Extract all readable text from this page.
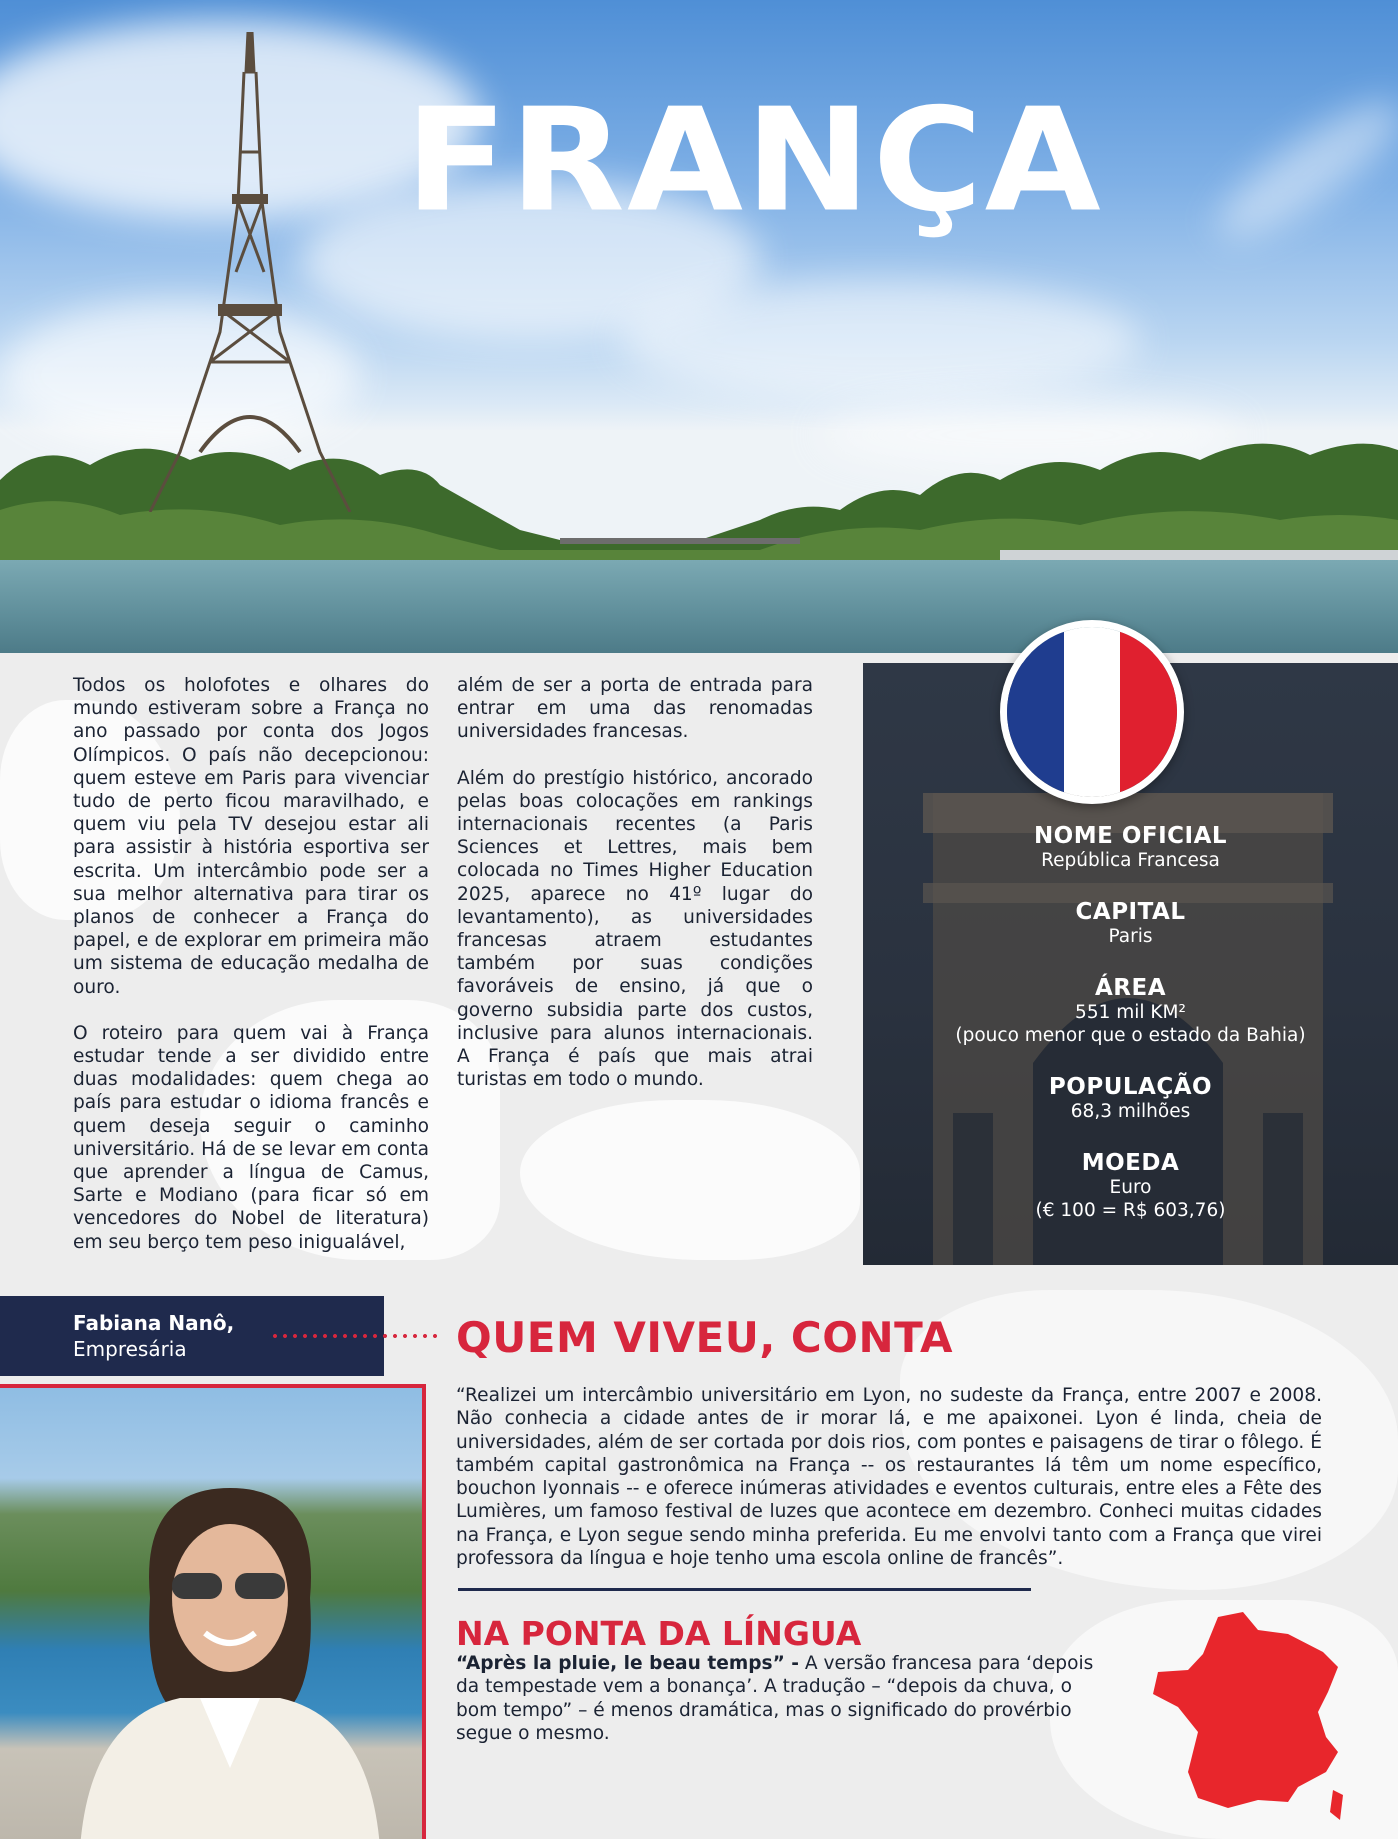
FRANÇA

Todos os holofotes e olhares do mundo estiveram sobre a França no ano passado por conta dos Jogos Olímpicos. O país não decepcionou: quem esteve em Paris para vivenciar tudo de perto ficou maravilhado, e quem viu pela TV desejou estar ali para assistir à história esportiva ser escrita. Um intercâmbio pode ser a sua melhor alternativa para tirar os planos de conhecer a França do papel, e de explorar em primeira mão um sistema de educação medalha de ouro.

O roteiro para quem vai à França estudar tende a ser dividido entre duas modalidades: quem chega ao país para estudar o idioma francês e quem deseja seguir o caminho universitário. Há de se levar em conta que aprender a língua de Camus, Sarte e Modiano (para ficar só em vencedores do Nobel de literatura) em seu berço tem peso inigualável,

além de ser a porta de entrada para entrar em uma das renomadas universidades francesas.

Além do prestígio histórico, ancorado pelas boas colocações em rankings internacionais recentes (a Paris Sciences et Lettres, mais bem colocada no Times Higher Education 2025, aparece no 41º lugar do levantamento), as universidades francesas atraem estudantes também por suas condições favoráveis de ensino, já que o governo subsidia parte dos custos, inclusive para alunos internacionais. A França é país que mais atrai turistas em todo o mundo.

NOME OFICIAL
República Francesa
CAPITAL
Paris
ÁREA
551 mil KM²
(pouco menor que o estado da Bahia)
POPULAÇÃO
68,3 milhões
MOEDA
Euro
(€ 100 = R$ 603,76)
Fabiana Nanô,
Empresária	QUEM VIVEU, CONTA
“Realizei um intercâmbio universitário em Lyon, no sudeste da França, entre 2007 e 2008. Não conhecia a cidade antes de ir morar lá, e me apaixonei. Lyon é linda, cheia de universidades, além de ser cortada por dois rios, com pontes e paisagens de tirar o fôlego. É também capital gastronômica na França -- os restaurantes lá têm um nome específico, bouchon lyonnais -- e oferece inúmeras atividades e eventos culturais, entre eles a Fête des Lumières, um famoso festival de luzes que acontece em dezembro. Conheci muitas cidades na França, e Lyon segue sendo minha preferida. Eu me envolvi tanto com a França que virei professora da língua e hoje tenho uma escola online de francês”.
NA PONTA DA LÍNGUA
“Après la pluie, le beau temps” - A versão francesa para ‘depois da tempestade vem a bonança’. A tradução – “depois da chuva, o bom tempo” – é menos dramática, mas o significado do provérbio segue o mesmo.
